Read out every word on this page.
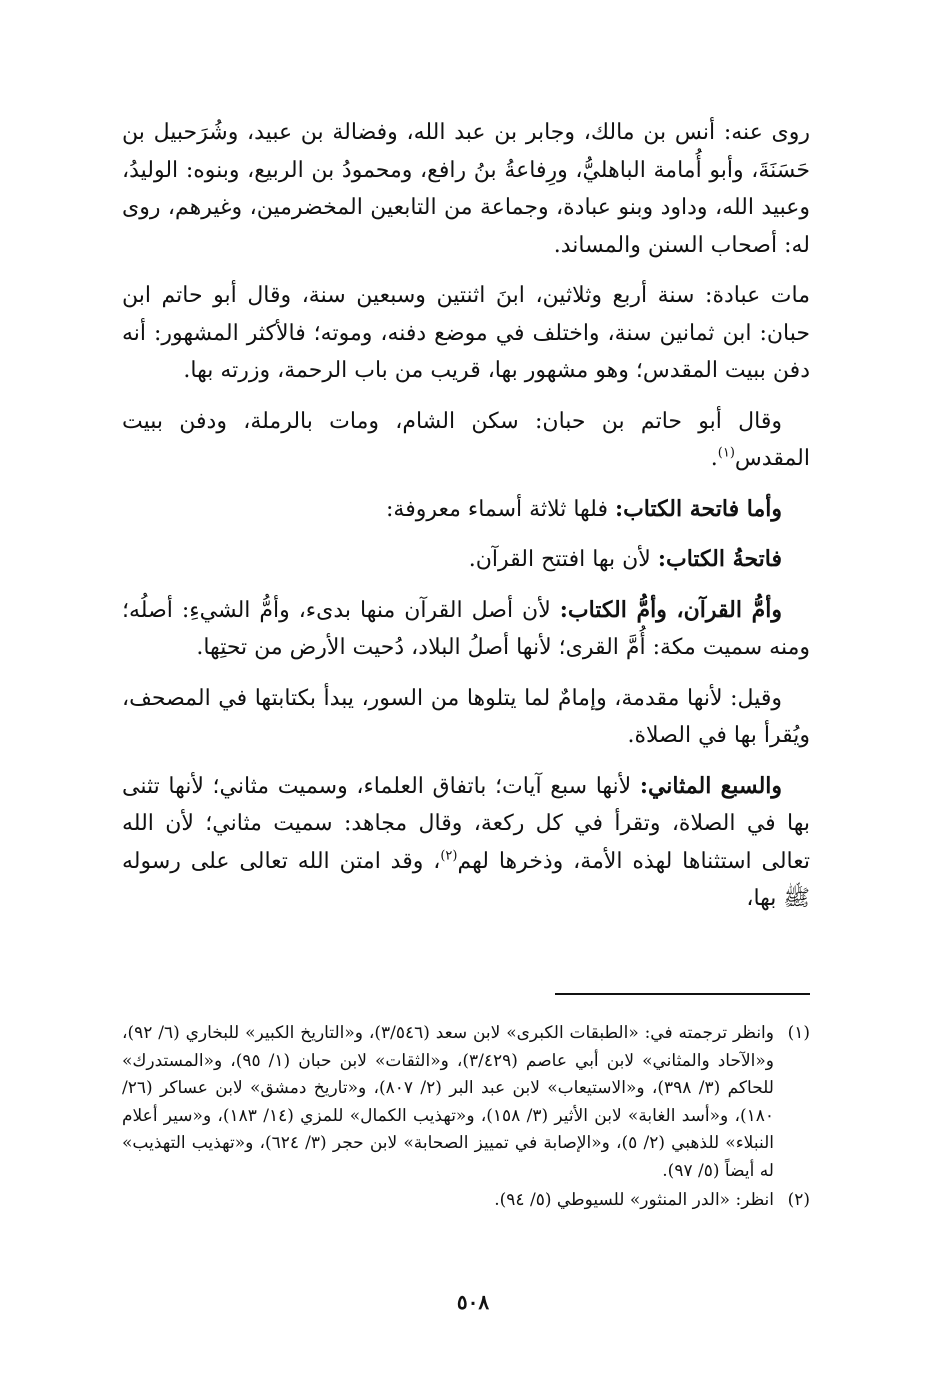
روى عنه: أنس بن مالك، وجابر بن عبد الله، وفضالة بن عبيد، وشُرَحبيل بن حَسَنَةَ، وأبو أُمامة الباهليُّ، ورِفاعةُ بنُ رافع، ومحمودُ بن الربيع، وبنوه: الوليدُ، وعبيد الله، وداود وبنو عبادة، وجماعة من التابعين المخضرمين، وغيرهم، روى له: أصحاب السنن والمساند.

مات عبادة: سنة أربع وثلاثين، ابنَ اثنتين وسبعين سنة، وقال أبو حاتم ابن حبان: ابن ثمانين سنة، واختلف في موضع دفنه، وموته؛ فالأكثر المشهور: أنه دفن ببيت المقدس؛ وهو مشهور بها، قريب من باب الرحمة، وزرته بها.

وقال أبو حاتم بن حبان: سكن الشام، ومات بالرملة، ودفن ببيت المقدس$^{(١)}$.

وأما فاتحة الكتاب: فلها ثلاثة أسماء معروفة:

فاتحةُ الكتاب: لأن بها افتتح القرآن.

وأمُّ القرآن، وأمُّ الكتاب: لأن أصل القرآن منها بدىء، وأمُّ الشيءِ: أصلُه؛ ومنه سميت مكة: أُمَّ القرى؛ لأنها أصلُ البلاد، دُحيت الأرض من تحتِها.

وقيل: لأنها مقدمة، وإمامٌ لما يتلوها من السور، يبدأ بكتابتها في المصحف، ويُقرأ بها في الصلاة.

والسبع المثاني: لأنها سبع آيات؛ باتفاق العلماء، وسميت مثاني؛ لأنها تثنى بها في الصلاة، وتقرأ في كل ركعة، وقال مجاهد: سميت مثاني؛ لأن الله تعالى استثناها لهذه الأمة، وذخرها لهم$^{(٢)}$، وقد امتن الله تعالى على رسوله ﷺ بها،

(١)
وانظر ترجمته في: «الطبقات الكبرى» لابن سعد (٣/٥٤٦)، و«التاريخ الكبير» للبخاري (٦/ ٩٢)، و«الآحاد والمثاني» لابن أبي عاصم (٣/٤٢٩)، و«الثقات» لابن حبان (١/ ٩٥)، و«المستدرك» للحاكم (٣/ ٣٩٨)، و«الاستيعاب» لابن عبد البر (٢/ ٨٠٧)، و«تاريخ دمشق» لابن عساكر (٢٦/ ١٨٠)، و«أسد الغابة» لابن الأثير (٣/ ١٥٨)، و«تهذيب الكمال» للمزي (١٤/ ١٨٣)، و«سير أعلام النبلاء» للذهبي (٢/ ٥)، و«الإصابة في تمييز الصحابة» لابن حجر (٣/ ٦٢٤)، و«تهذيب التهذيب» له أيضاً (٥/ ٩٧).
(٢)
انظر: «الدر المنثور» للسيوطي (٥/ ٩٤).
٥٠٨
